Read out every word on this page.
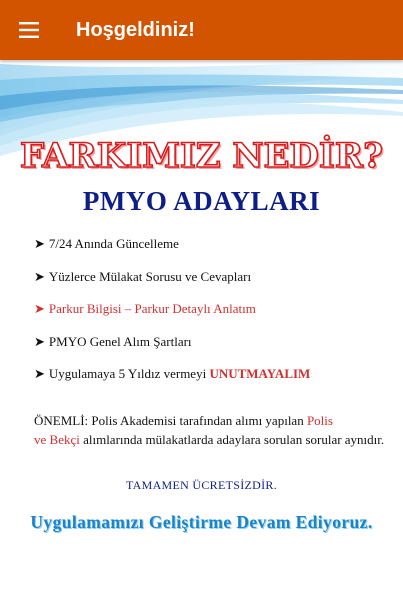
Hoşgeldiniz!
FARKIMIZ NEDİR?
PMYO ADAYLARI
➤ 7/24 Anında Güncelleme
➤ Yüzlerce Mülakat Sorusu ve Cevapları
➤ Parkur Bilgisi – Parkur Detaylı Anlatım
➤ PMYO Genel Alım Şartları
➤ Uygulamaya 5 Yıldız vermeyi
UNUTMAYALIM

ÖNEMLİ: Polis Akademisi tarafından alımı yapılan Polis
ve Bekçi alımlarında mülakatlarda adaylara sorulan sorular aynıdır.

TAMAMEN ÜCRETSİZDİR.
Uygulamamızı Geliştirme Devam Ediyoruz.
